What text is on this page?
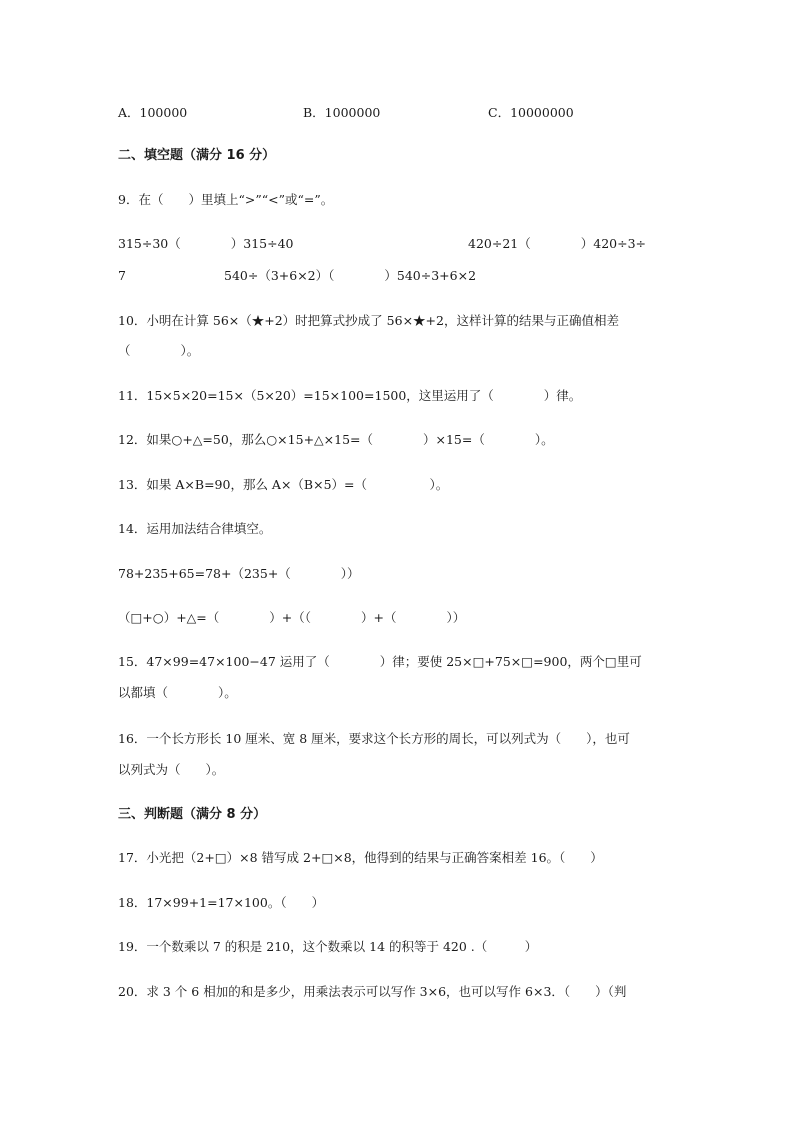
A．100000	B．1000000	C．10000000
二、填空题（满分 16 分）
9．在（　　）里填上“>”“<”或“=”。
315÷30（　　　　）315÷40	420÷21（　　　　）420÷3÷
7	540÷（3+6×2）（　　　　）540÷3+6×2
10．小明在计算 56×（★+2）时把算式抄成了 56×★+2，这样计算的结果与正确值相差
（　　　　）。
11．15×5×20=15×（5×20）=15×100=1500，这里运用了（　　　　）律。
12．如果○+△=50，那么○×15+△×15=（　　　　）×15=（　　　　）。
13．如果 A×B=90，那么 A×（B×5）=（　　　　　）。
14．运用加法结合律填空。
78+235+65=78+（235+（　　　　））
（□+○）+△=（　　　　）+（（　　　　）+（　　　　））
15．47×99=47×100−47 运用了（　　　　）律；要使 25×□+75×□=900，两个□里可
以都填（　　　　）。
16．一个长方形长 10 厘米、宽 8 厘米，要求这个长方形的周长，可以列式为（　　），也可
以列式为（　　）。
三、判断题（满分 8 分）
17．小光把（2+□）×8 错写成 2+□×8，他得到的结果与正确答案相差 16。（　　）
18．17×99+1=17×100。（　　）
19．一个数乘以 7 的积是 210，这个数乘以 14 的积等于 420 .（　　　）
20．求 3 个 6 相加的和是多少，用乘法表示可以写作 3×6，也可以写作 6×3．（　　）（判
